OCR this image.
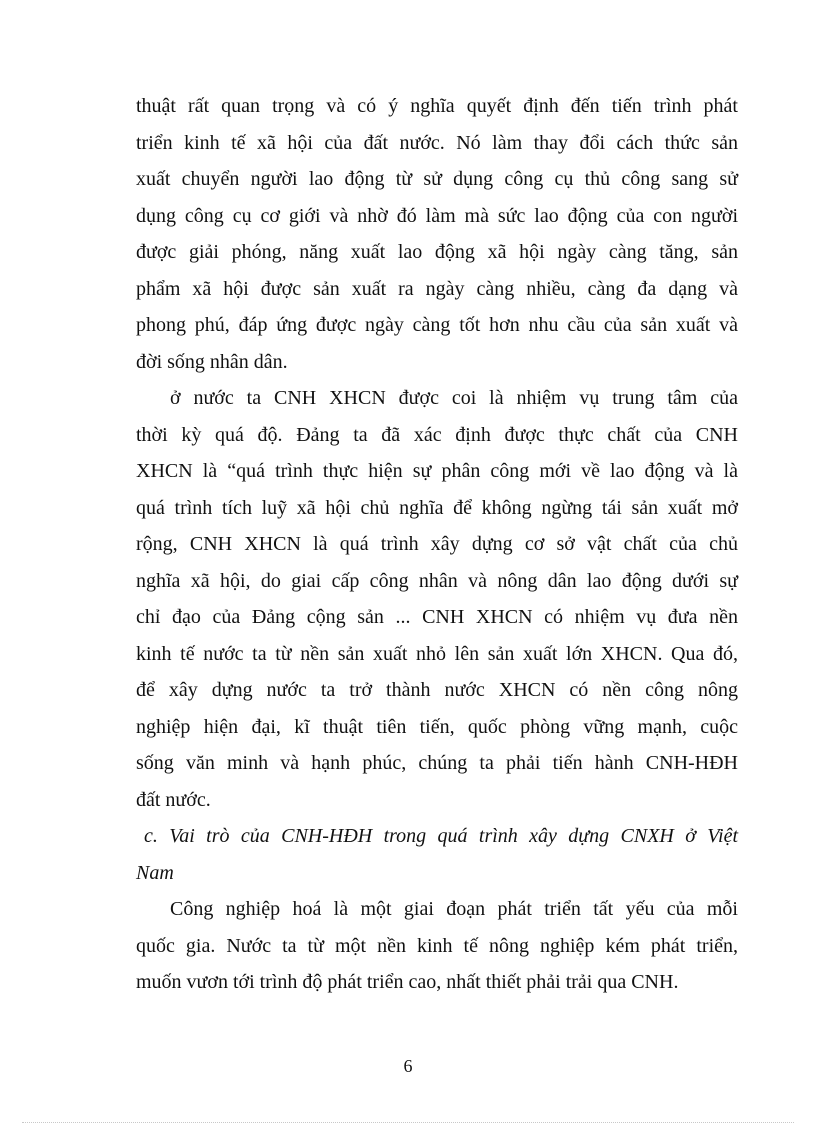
thuật rất quan trọng và có ý nghĩa quyết định đến tiến trình phát
triển kinh tế xã hội của đất nước. Nó làm thay đổi cách thức sản
xuất chuyển người lao động từ sử dụng công cụ thủ công sang sử
dụng công cụ cơ giới và nhờ đó làm mà sức lao động của con người
được giải phóng, năng xuất lao động xã hội ngày càng tăng, sản
phẩm xã hội được sản xuất ra ngày càng nhiều, càng đa dạng và
phong phú, đáp ứng được ngày càng tốt hơn nhu cầu của sản xuất và
đời sống nhân dân.
ở nước ta CNH XHCN được coi là nhiệm vụ trung tâm của
thời kỳ quá độ. Đảng ta đã xác định được thực chất của CNH
XHCN là “quá trình thực hiện sự phân công mới về lao động và là
quá trình tích luỹ xã hội chủ nghĩa để không ngừng tái sản xuất mở
rộng, CNH XHCN là quá trình xây dựng cơ sở vật chất của chủ
nghĩa xã hội, do giai cấp công nhân và nông dân lao động dưới sự
chỉ đạo của Đảng cộng sản ... CNH XHCN có nhiệm vụ đưa nền
kinh tế nước ta từ nền sản xuất nhỏ lên sản xuất lớn XHCN. Qua đó,
để xây dựng nước ta trở thành nước XHCN có nền công nông
nghiệp hiện đại, kĩ thuật tiên tiến, quốc phòng vững mạnh, cuộc
sống văn minh và hạnh phúc, chúng ta phải tiến hành CNH-HĐH
đất nước.
c. Vai trò của CNH-HĐH trong quá trình xây dựng CNXH ở Việt
Nam
Công nghiệp hoá là một giai đoạn phát triển tất yếu của mỗi
quốc gia. Nước ta từ một nền kinh tế nông nghiệp kém phát triển,
muốn vươn tới trình độ phát triển cao, nhất thiết phải trải qua CNH.
6
